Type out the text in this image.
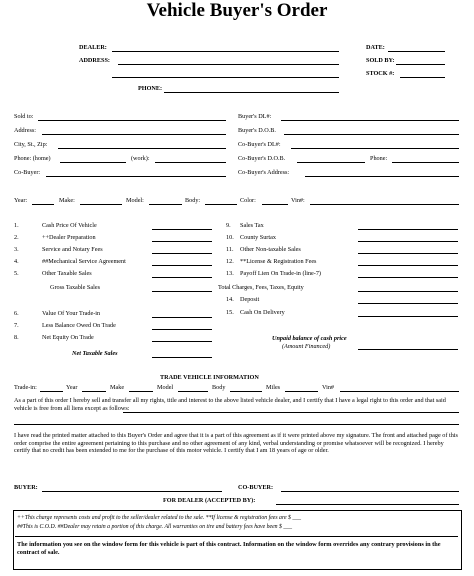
Vehicle Buyer's Order
DEALER:
ADDRESS:
PHONE:
DATE:
SOLD BY:
STOCK #:
Sold to:
Address:
City, St., Zip:
Phone: (home)	(work):
Co-Buyer:
Buyer's DL#:
Buyer's D.O.B.
Co-Buyer's DL#:
Co-Buyer's D.O.B.	Phone:
Co-Buyer's Address:
Year:	Make:	Model:	Body:	Color:	Vin#:
1.	Cash Price Of Vehicle
2.	++Dealer Preparation
3.	Service and Notary Fees
4.	##Mechanical Service Agreement
5.	Other Taxable Sales
Gross Taxable Sales
6.	Value Of Your Trade-in
7.	Less Balance Owed On Trade
8.	Net Equity On Trade
Net Taxable Sales
9. Sales Tax
10. County Surtax
11. Other Non-taxable Sales
12. **License & Registration Fees
13. Payoff Lien On Trade-in (line-7)
Total Charges, Fees, Taxes, Equity
14. Deposit
15. Cash On Delivery
Unpaid balance of cash price
(Amount Financed)
TRADE VEHICLE INFORMATION
Trade-in:	Year	Make	Model	Body	Miles	Vin#
As a part of this order I hereby sell and transfer all my rights, title and interest to the above listed vehicle dealer, and I certify that I have a legal right to this order and that said vehicle is free from all liens except as follows:
I have read the printed matter attached to this Buyer's Order and agree that it is a part of this agreement as if it were printed above my signature. The front and attached page of this order comprise the entire agreement pertaining to this purchase and no other agreement of any kind, verbal understanding or promise whatsoever will be recognized. I hereby certify that no credit has been extended to me for the purchase of this motor vehicle. I certify that I am 18 years of age or older.
BUYER:	CO-BUYER:
FOR DEALER (ACCEPTED BY):
++This charge represents costs and profit to the seller/dealer related to the sale. **If license & registration fees are $ ___
##This is C.O.D. ##Dealer may retain a portion of this charge. All warranties on tire and battery fees have been $ ___
The information you see on the window form for this vehicle is part of this contract. Information on the window form overrides any contrary provisions in the contract of sale.
